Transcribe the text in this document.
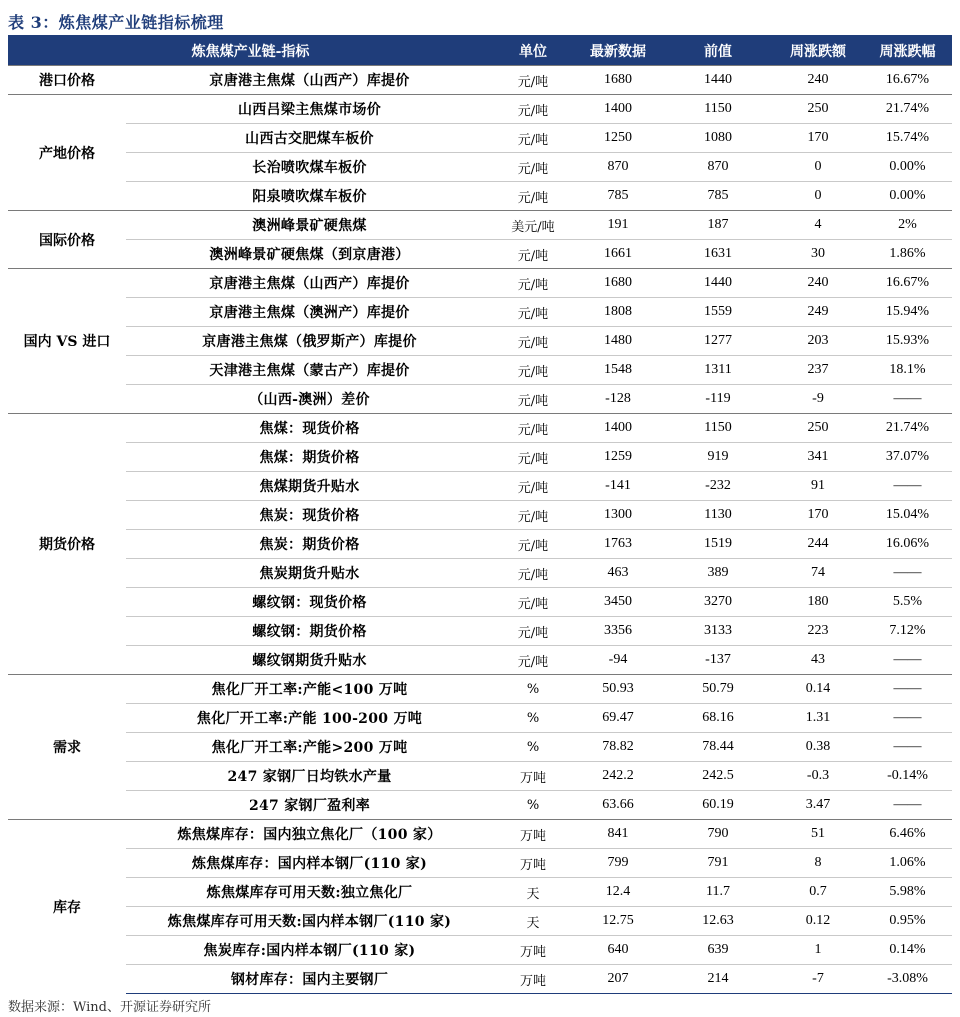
表 3：炼焦煤产业链指标梳理
炼焦煤产业链-指标		单位	最新数据	前值	周涨跌额	周涨跌幅
港口价格	京唐港主焦煤（山西产）库提价	元/吨	1680	1440	240	16.67%
产地价格	山西吕梁主焦煤市场价	元/吨	1400	1150	250	21.74%
	山西古交肥煤车板价	元/吨	1250	1080	170	15.74%
	长治喷吹煤车板价	元/吨	870	870	0	0.00%
	阳泉喷吹煤车板价	元/吨	785	785	0	0.00%
国际价格	澳洲峰景矿硬焦煤	美元/吨	191	187	4	2%
	澳洲峰景矿硬焦煤（到京唐港）	元/吨	1661	1631	30	1.86%
国内 VS 进口	京唐港主焦煤（山西产）库提价	元/吨	1680	1440	240	16.67%
	京唐港主焦煤（澳洲产）库提价	元/吨	1808	1559	249	15.94%
	京唐港主焦煤（俄罗斯产）库提价	元/吨	1480	1277	203	15.93%
	天津港主焦煤（蒙古产）库提价	元/吨	1548	1311	237	18.1%
	（山西-澳洲）差价	元/吨	-128	-119	-9	——
期货价格	焦煤：现货价格	元/吨	1400	1150	250	21.74%
	焦煤：期货价格	元/吨	1259	919	341	37.07%
	焦煤期货升贴水	元/吨	-141	-232	91	——
	焦炭：现货价格	元/吨	1300	1130	170	15.04%
	焦炭：期货价格	元/吨	1763	1519	244	16.06%
	焦炭期货升贴水	元/吨	463	389	74	——
	螺纹钢：现货价格	元/吨	3450	3270	180	5.5%
	螺纹钢：期货价格	元/吨	3356	3133	223	7.12%
	螺纹钢期货升贴水	元/吨	-94	-137	43	——
需求	焦化厂开工率:产能<100 万吨	%	50.93	50.79	0.14	——
	焦化厂开工率:产能 100-200 万吨	%	69.47	68.16	1.31	——
	焦化厂开工率:产能>200 万吨	%	78.82	78.44	0.38	——
	247 家钢厂日均铁水产量	万吨	242.2	242.5	-0.3	-0.14%
	247 家钢厂盈利率	%	63.66	60.19	3.47	——
库存	炼焦煤库存：国内独立焦化厂（100 家）	万吨	841	790	51	6.46%
	炼焦煤库存：国内样本钢厂(110 家)	万吨	799	791	8	1.06%
	炼焦煤库存可用天数:独立焦化厂	天	12.4	11.7	0.7	5.98%
	炼焦煤库存可用天数:国内样本钢厂(110 家)	天	12.75	12.63	0.12	0.95%
	焦炭库存:国内样本钢厂(110 家)	万吨	640	639	1	0.14%
	钢材库存：国内主要钢厂	万吨	207	214	-7	-3.08%
数据来源：Wind、开源证券研究所
